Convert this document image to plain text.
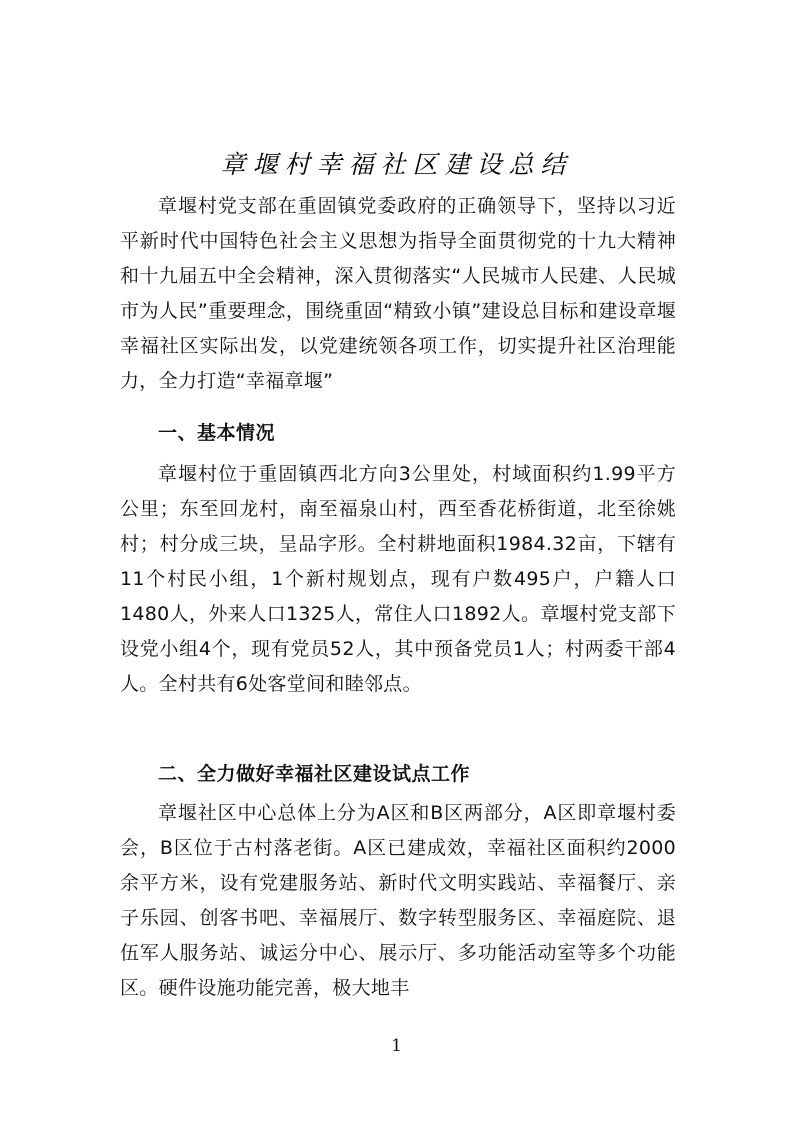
章堰村幸福社区建设总结

章堰村党支部在重固镇党委政府的正确领导下，坚持以习近平新时代中国特色社会主义思想为指导全面贯彻党的十九大精神和十九届五中全会精神，深入贯彻落实“人民城市人民建、人民城市为人民”重要理念，围绕重固“精致小镇”建设总目标和建设章堰幸福社区实际出发，以党建统领各项工作，切实提升社区治理能力，全力打造“幸福章堰”

一、基本情况

章堰村位于重固镇西北方向3公里处，村域面积约1.99平方公里；东至回龙村，南至福泉山村，西至香花桥街道，北至徐姚村；村分成三块，呈品字形。全村耕地面积1984.32亩，下辖有11个村民小组，1个新村规划点，现有户数495户，户籍人口1480人，外来人口1325人，常住人口1892人。章堰村党支部下设党小组4个，现有党员52人，其中预备党员1人；村两委干部4人。全村共有6处客堂间和睦邻点。

二、全力做好幸福社区建设试点工作

章堰社区中心总体上分为A区和B区两部分，A区即章堰村委会，B区位于古村落老街。A区已建成效，幸福社区面积约2000余平方米，设有党建服务站、新时代文明实践站、幸福餐厅、亲子乐园、创客书吧、幸福展厅、数字转型服务区、幸福庭院、退伍军人服务站、诚运分中心、展示厅、多功能活动室等多个功能区。硬件设施功能完善，极大地丰

1
